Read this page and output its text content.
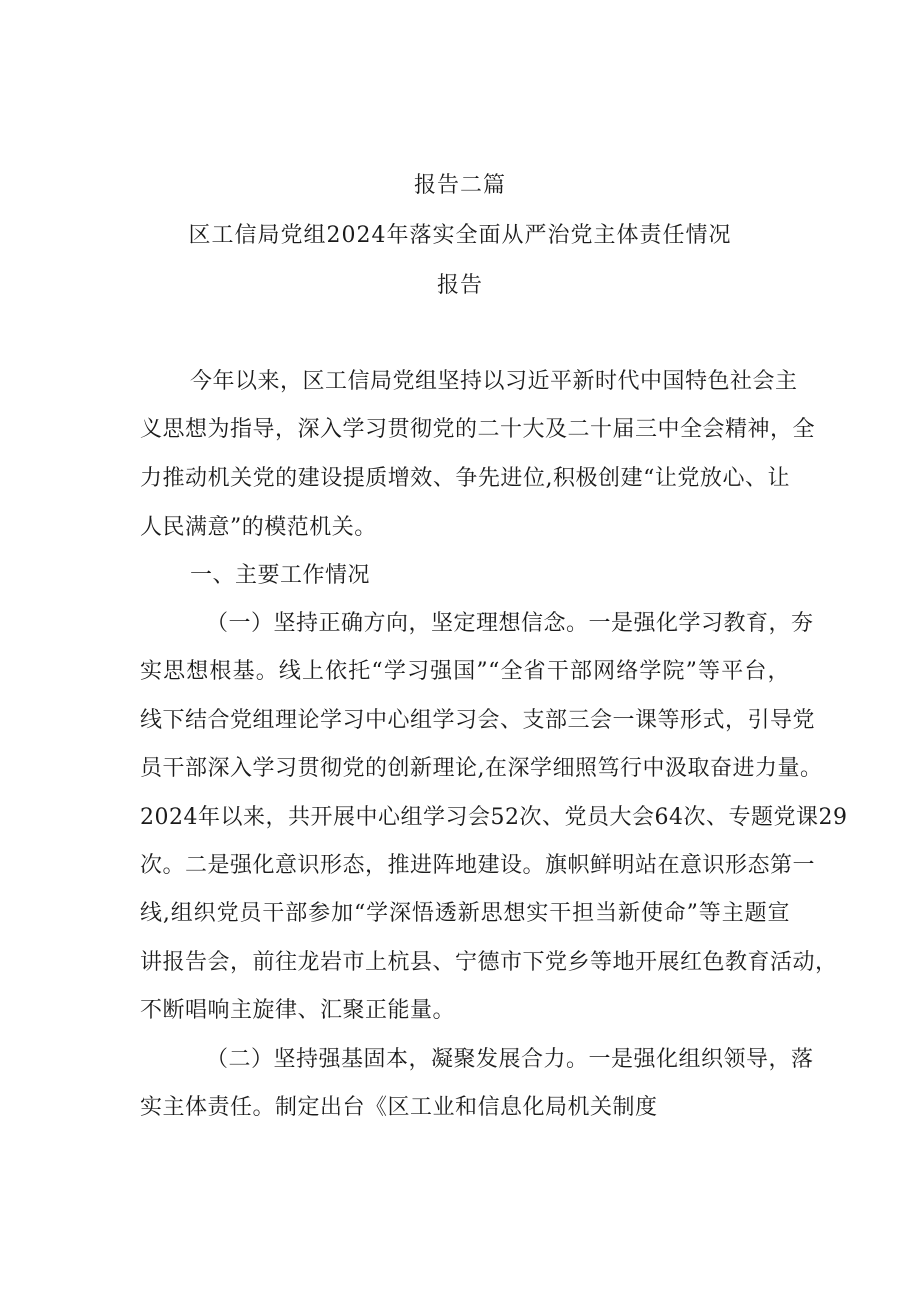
报告二篇
区工信局党组2024年落实全面从严治党主体责任情况
报告
今年以来，区工信局党组坚持以习近平新时代中国特色社会主
义思想为指导，深入学习贯彻党的二十大及二十届三中全会精神，全
力推动机关党的建设提质增效、争先进位,积极创建“让党放心、让
人民满意”的模范机关。
一、主要工作情况
（一）坚持正确方向，坚定理想信念。一是强化学习教育，夯
实思想根基。线上依托“学习强国”“全省干部网络学院”等平台，
线下结合党组理论学习中心组学习会、支部三会一课等形式，引导党
员干部深入学习贯彻党的创新理论,在深学细照笃行中汲取奋进力量。
2024年以来，共开展中心组学习会52次、党员大会64次、专题党课29
次。二是强化意识形态，推进阵地建设。旗帜鲜明站在意识形态第一
线,组织党员干部参加“学深悟透新思想实干担当新使命”等主题宣
讲报告会，前往龙岩市上杭县、宁德市下党乡等地开展红色教育活动，
不断唱响主旋律、汇聚正能量。
（二）坚持强基固本，凝聚发展合力。一是强化组织领导，落
实主体责任。制定出台《区工业和信息化局机关制度
